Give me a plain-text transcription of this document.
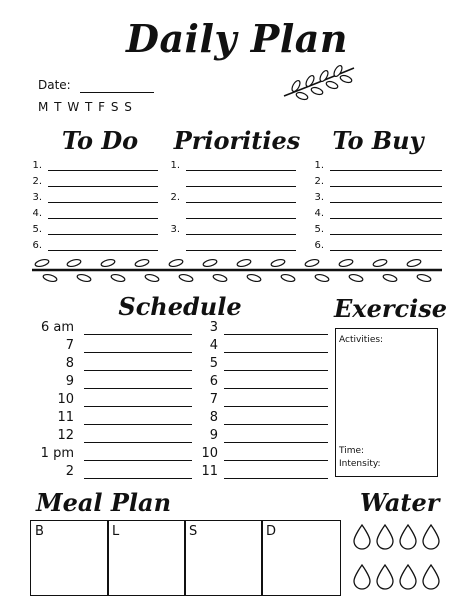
Daily Plan
Date:
M T W T F S S
To Do	Priorities	To Buy
1.
2.
3.
4.
5.
6.
1.
2.
3.
1.
2.
3.
4.
5.
6.
Schedule
6 am
7
8
9
10
11
12
1 pm
2
3
4
5
6
7
8
9
10
11
Exercise
Activities:
Time:
Intensity:
Meal Plan
B	L	S	D
Water
